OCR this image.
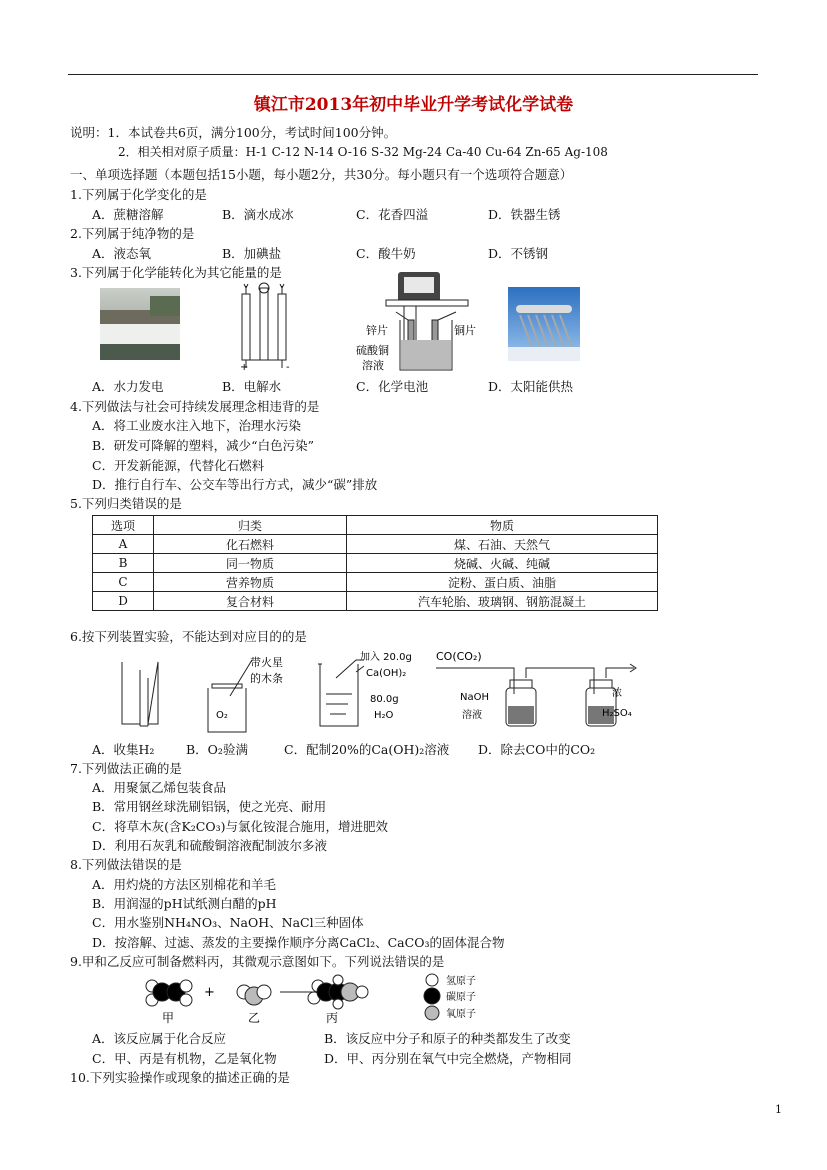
镇江市2013年初中毕业升学考试化学试卷
说明：1．本试卷共6页，满分100分，考试时间100分钟。
2．相关相对原子质量：H-1 C-12 N-14 O-16 S-32 Mg-24 Ca-40 Cu-64 Zn-65 Ag-108
一、单项选择题（本题包括15小题，每小题2分，共30分。每小题只有一个选项符合题意）
1.下列属于化学变化的是
A．蔗糖溶解	B．滴水成冰	C．花香四溢	D．铁器生锈
2.下列属于纯净物的是
A．液态氧	B．加碘盐	C．酸牛奶	D．不锈钢
3.下列属于化学能转化为其它能量的是
+	-
锌片	铜片
硫酸铜
溶液
A．水力发电	B．电解水	C．化学电池	D．太阳能供热
4.下列做法与社会可持续发展理念相违背的是
A．将工业废水注入地下，治理水污染
B．研发可降解的塑料，减少“白色污染”
C．开发新能源，代替化石燃料
D．推行自行车、公交车等出行方式，减少“碳”排放
5.下列归类错误的是
选项	归类	物质
A	化石燃料	煤、石油、天然气
B	同一物质	烧碱、火碱、纯碱
C	营养物质	淀粉、蛋白质、油脂
D	复合材料	汽车轮胎、玻璃钢、钢筋混凝土
6.按下列装置实验，不能达到对应目的的是
O₂
带火星
的木条
加入 20.0g
Ca(OH)₂
80.0g
H₂O
CO(CO₂)
NaOH
溶液
浓
H₂SO₄
A．收集H₂	B．O₂验满	C．配制20%的Ca(OH)₂溶液 D．除去CO中的CO₂
7.下列做法正确的是
A．用聚氯乙烯包装食品
B．常用钢丝球洗刷铝锅，使之光亮、耐用
C．将草木灰(含K₂CO₃)与氯化铵混合施用，增进肥效
D．利用石灰乳和硫酸铜溶液配制波尔多液
8.下列做法错误的是
A．用灼烧的方法区别棉花和羊毛
B．用润湿的pH试纸测白醋的pH
C．用水鉴别NH₄NO₃、NaOH、NaCl三种固体
D．按溶解、过滤、蒸发的主要操作顺序分离CaCl₂、CaCO₃的固体混合物
9.甲和乙反应可制备燃料丙，其微观示意图如下。下列说法错误的是
+
氢原子
碳原子
氧原子
甲	乙	丙
A．该反应属于化合反应	B．该反应中分子和原子的种类都发生了改变
C．甲、丙是有机物，乙是氧化物	D．甲、丙分别在氧气中完全燃烧，产物相同
10.下列实验操作或现象的描述正确的是
1
